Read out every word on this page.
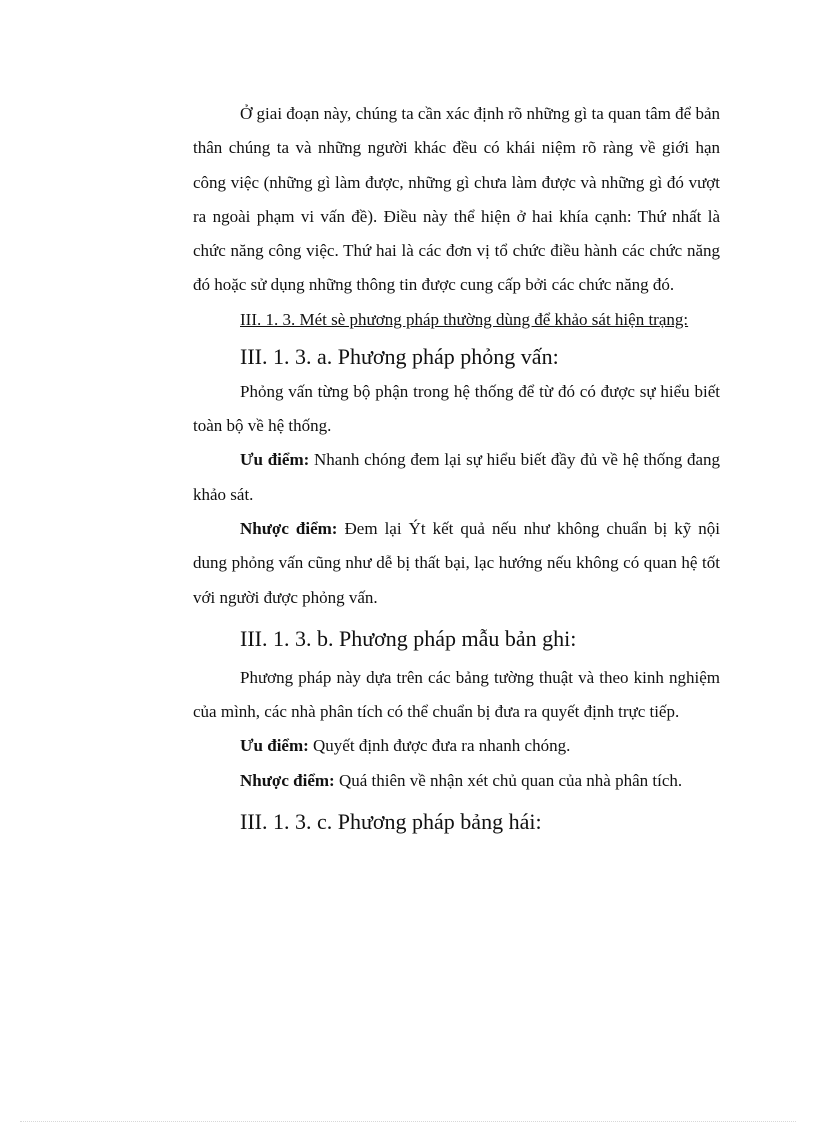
Ở giai đoạn này, chúng ta cần xác định rõ những gì ta quan tâm để bản thân chúng ta và những người khác đều có khái niệm rõ ràng về giới hạn công việc (những gì làm được, những gì chưa làm được và những gì đó vượt ra ngoài phạm vi vấn đề). Điều này thể hiện ở hai khía cạnh: Thứ nhất là chức năng công việc. Thứ hai là các đơn vị tổ chức điều hành các chức năng đó hoặc sử dụng những thông tin được cung cấp bởi các chức năng đó.

III. 1. 3. Mét sè phương pháp thường dùng để khảo sát hiện trạng:

III. 1. 3. a. Phương pháp phỏng vấn:

Phỏng vấn từng bộ phận trong hệ thống để từ đó có được sự hiểu biết toàn bộ về hệ thống.

Ưu điểm: Nhanh chóng đem lại sự hiểu biết đầy đủ về hệ thống đang khảo sát.

Nhược điểm: Đem lại Ýt kết quả nếu như không chuẩn bị kỹ nội dung phỏng vấn cũng như dễ bị thất bại, lạc hướng nếu không có quan hệ tốt với người được phỏng vấn.

III. 1. 3. b. Phương pháp mẫu bản ghi:

Phương pháp này dựa trên các bảng tường thuật và theo kinh nghiệm của mình, các nhà phân tích có thể chuẩn bị đưa ra quyết định trực tiếp.

Ưu điểm: Quyết định được đưa ra nhanh chóng.

Nhược điểm: Quá thiên về nhận xét chủ quan của nhà phân tích.

III. 1. 3. c. Phương pháp bảng hái:
